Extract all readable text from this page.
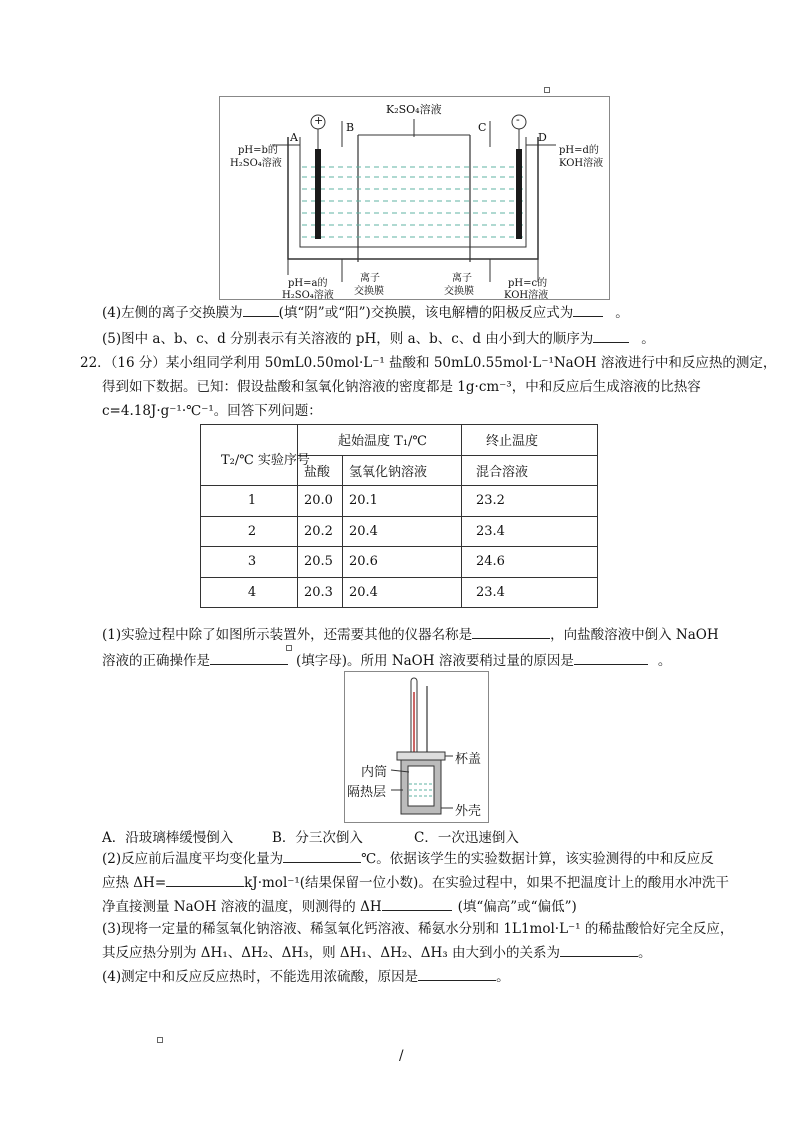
K₂SO₄溶液
A
B	C
D
+	-
pH=b的
H₂SO₄溶液
pH=d的
KOH溶液
pH=a的
H₂SO₄溶液
pH=c的
KOH溶液
离子
交换膜
离子
交换膜
(4)左侧的离子交换膜为	(填“阴”或“阳”)交换膜，该电解槽的阳极反应式为	。
(5)图中 a、b、c、d 分别表示有关溶液的 pH，则 a、b、c、d 由小到大的顺序为	。
22．（16 分）某小组同学利用 50mL0.50mol·L⁻¹ 盐酸和 50mL0.55mol·L⁻¹NaOH 溶液进行中和反应热的测定，
得到如下数据。已知：假设盐酸和氢氧化钠溶液的密度都是 1g·cm⁻³，中和反应后生成溶液的比热容
c=4.18J·g⁻¹·℃⁻¹。回答下列问题：
T₂/℃ 实验序号	起始温度 T₁/℃		终止温度
	盐酸	氢氧化钠溶液	混合溶液
1	20.0	20.1	23.2
2	20.2	20.4	23.4
3	20.5	20.6	24.6
4	20.3	20.4	23.4
(1)实验过程中除了如图所示装置外，还需要其他的仪器名称是	，向盐酸溶液中倒入 NaOH
溶液的正确操作是	(填字母)。所用 NaOH 溶液要稍过量的原因是	。
杯盖
内筒
隔热层
外壳
A．沿玻璃棒缓慢倒入	B．分三次倒入	C．一次迅速倒入
(2)反应前后温度平均变化量为	℃。依据该学生的实验数据计算，该实验测得的中和反应反
应热 ΔH=	kJ·mol⁻¹(结果保留一位小数)。在实验过程中，如果不把温度计上的酸用水冲洗干
净直接测量 NaOH 溶液的温度，则测得的 ΔH	(填“偏高”或“偏低”)
(3)现将一定量的稀氢氧化钠溶液、稀氢氧化钙溶液、稀氨水分别和 1L1mol·L⁻¹ 的稀盐酸恰好完全反应，
其反应热分别为 ΔH₁、ΔH₂、ΔH₃，则 ΔH₁、ΔH₂、ΔH₃ 由大到小的关系为	。
(4)测定中和反应反应热时，不能选用浓硫酸，原因是	。
/
